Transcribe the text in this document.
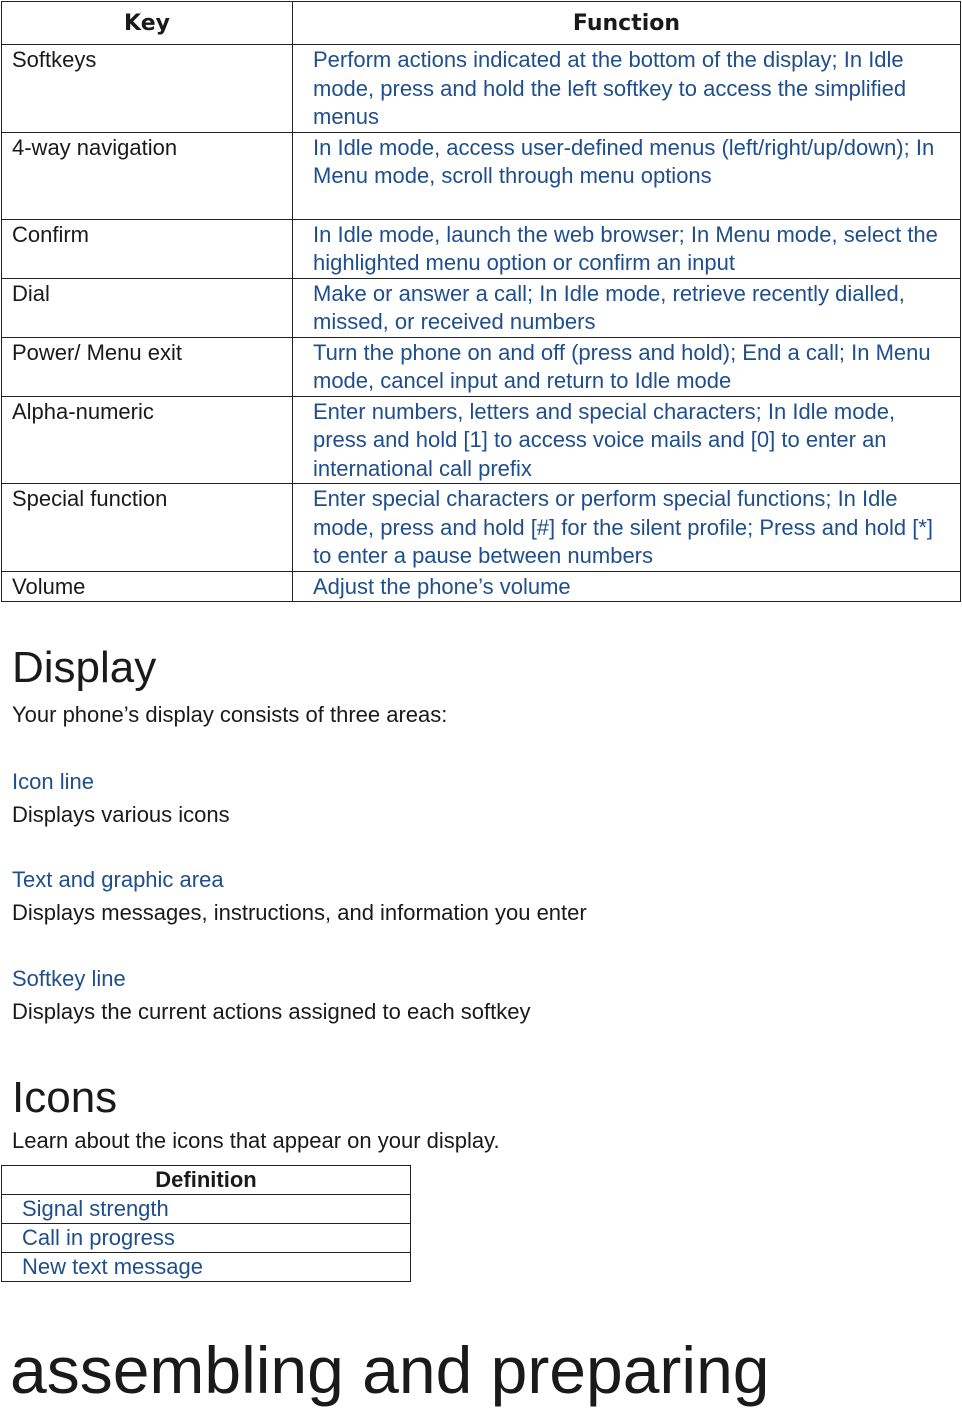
Key	Function
Softkeys	Perform actions indicated at the bottom of the display; In Idle mode, press and hold the left softkey to access the simplified menus
4-way navigation	In Idle mode, access user-defined menus (left/right/up/down); In Menu mode, scroll through menu options
Confirm	In Idle mode, launch the web browser; In Menu mode, select the highlighted menu option or confirm an input
Dial	Make or answer a call; In Idle mode, retrieve recently dialled, missed, or received numbers
Power/ Menu exit	Turn the phone on and off (press and hold); End a call; In Menu mode, cancel input and return to Idle mode
Alpha-numeric	Enter numbers, letters and special characters; In Idle mode, press and hold [1] to access voice mails and [0] to enter an international call prefix
Special function	Enter special characters or perform special functions; In Idle mode, press and hold [#] for the silent profile; Press and hold [*] to enter a pause between numbers
Volume	Adjust the phone’s volume
Display

Your phone’s display consists of three areas:

Icon line

Displays various icons

Text and graphic area

Displays messages, instructions, and information you enter

Softkey line

Displays the current actions assigned to each softkey

Icons

Learn about the icons that appear on your display.

Definition
Signal strength
Call in progress
New text message
assembling and preparing
